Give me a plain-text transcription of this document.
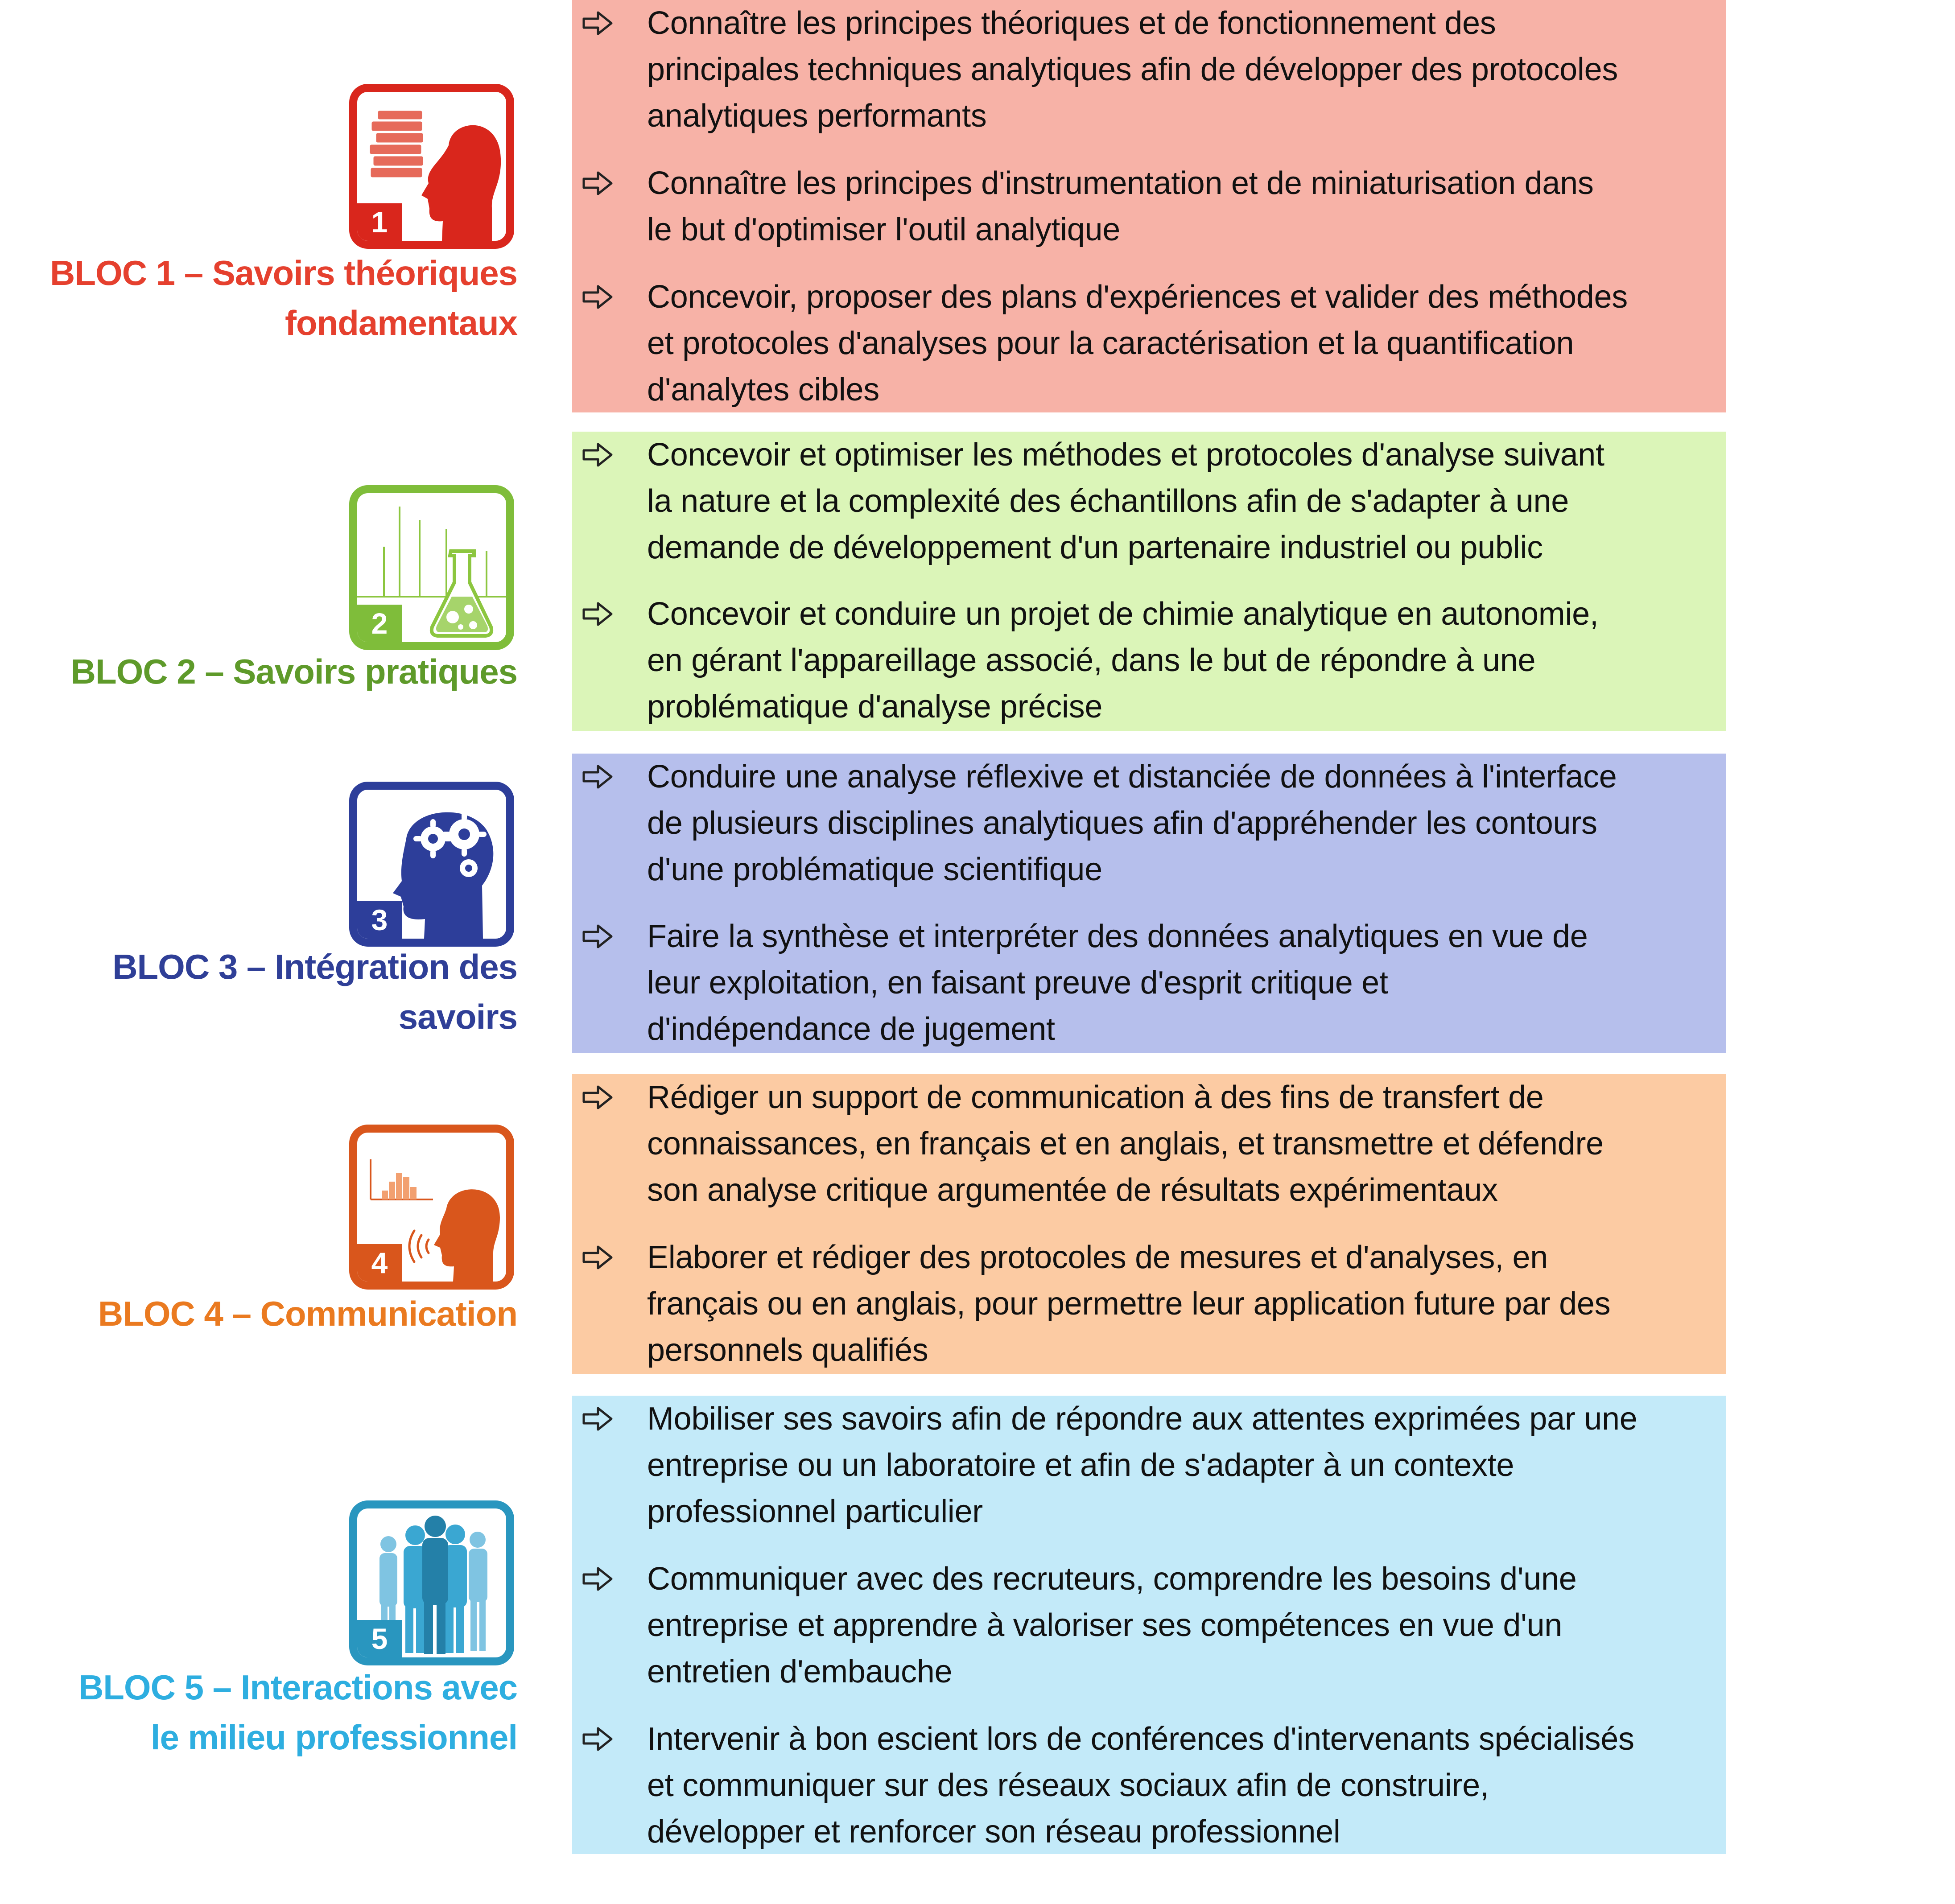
1
BLOC 1 – Savoirs théoriques
fondamentaux
Connaître les principes théoriques et de fonctionnement des
principales techniques analytiques afin de développer des protocoles
analytiques performants
Connaître les principes d'instrumentation et de miniaturisation dans
le but d'optimiser l'outil analytique
Concevoir, proposer des plans d'expériences et valider des méthodes
et protocoles d'analyses pour la caractérisation et la quantification
d'analytes cibles
2
BLOC 2 – Savoirs pratiques
Concevoir et optimiser les méthodes et protocoles d'analyse suivant
la nature et la complexité des échantillons afin de s'adapter à une
demande de développement d'un partenaire industriel ou public
Concevoir et conduire un projet de chimie analytique en autonomie,
en gérant l'appareillage associé, dans le but de répondre à une
problématique d'analyse précise
3
BLOC 3 – Intégration des
savoirs
Conduire une analyse réflexive et distanciée de données à l'interface
de plusieurs disciplines analytiques afin d'appréhender les contours
d'une problématique scientifique
Faire la synthèse et interpréter des données analytiques en vue de
leur exploitation, en faisant preuve d'esprit critique et
d'indépendance de jugement
4
BLOC 4 – Communication
Rédiger un support de communication à des fins de transfert de
connaissances, en français et en anglais, et transmettre et défendre
son analyse critique argumentée de résultats expérimentaux
Elaborer et rédiger des protocoles de mesures et d'analyses, en
français ou en anglais, pour permettre leur application future par des
personnels qualifiés
5
BLOC 5 – Interactions avec
le milieu professionnel
Mobiliser ses savoirs afin de répondre aux attentes exprimées par une
entreprise ou un laboratoire et afin de s'adapter à un contexte
professionnel particulier
Communiquer avec des recruteurs, comprendre les besoins d'une
entreprise et apprendre à valoriser ses compétences en vue d'un
entretien d'embauche
Intervenir à bon escient lors de conférences d'intervenants spécialisés
et communiquer sur des réseaux sociaux afin de construire,
développer et renforcer son réseau professionnel
